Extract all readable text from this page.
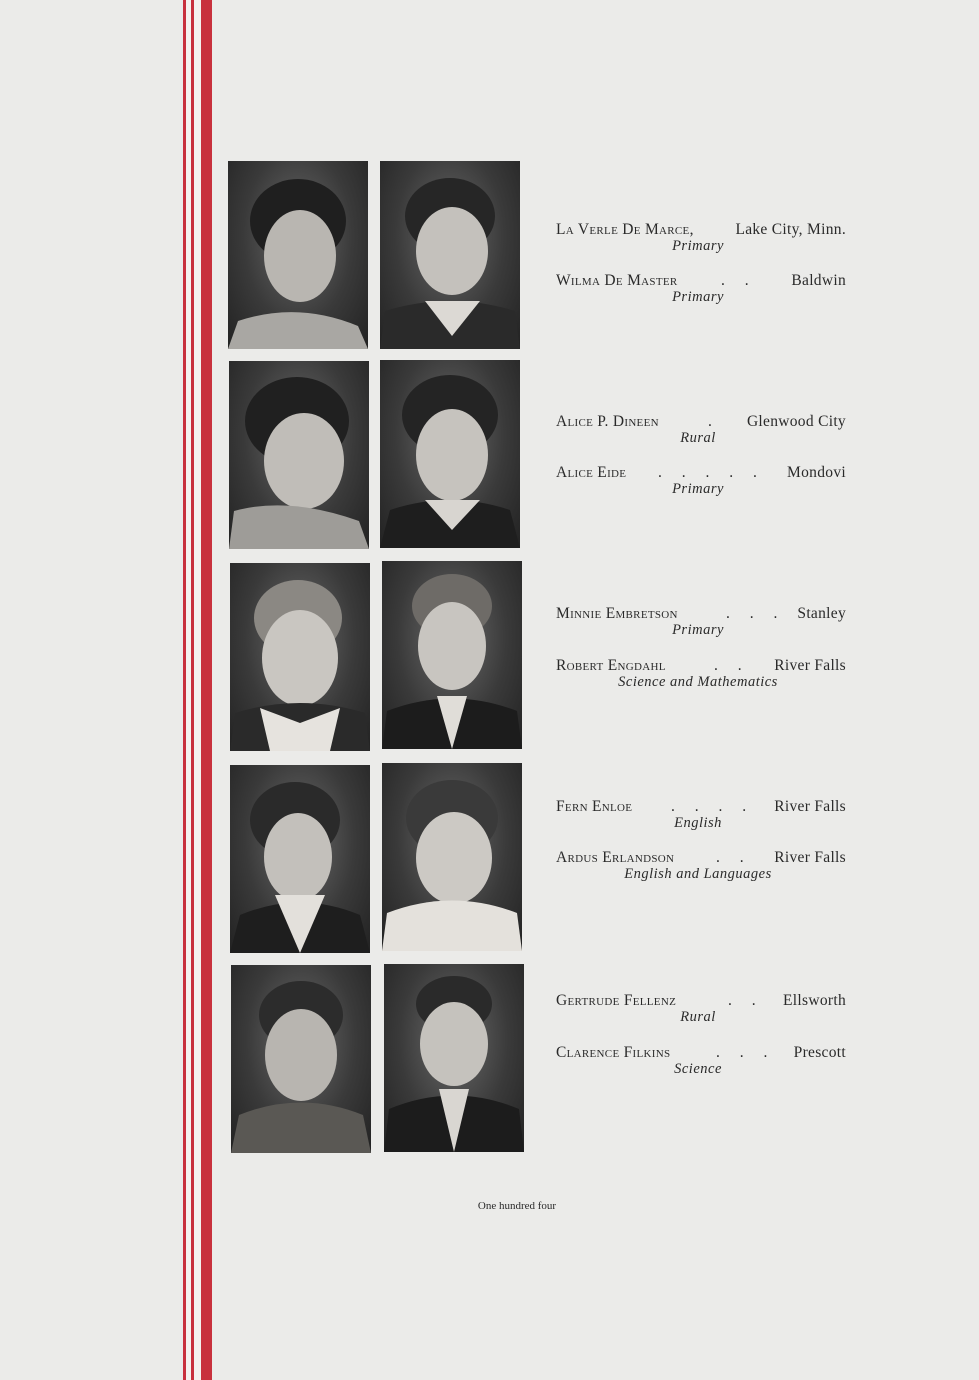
La Verle De Marce,	Lake City, Minn.
Primary
Wilma De Master	. . Baldwin
Primary
Alice P. Dineen	. Glenwood City
Rural
Alice Eide . . . . . Mondovi
Primary
Minnie Embretson	. . . Stanley
Primary
Robert Engdahl	. . River Falls
Science and Mathematics
Fern Enloe . . . . River Falls
English
Ardus Erlandson	. . River Falls
English and Languages
Gertrude Fellenz	. . Ellsworth
Rural
Clarence Filkins	. . . Prescott
Science
One hundred four
